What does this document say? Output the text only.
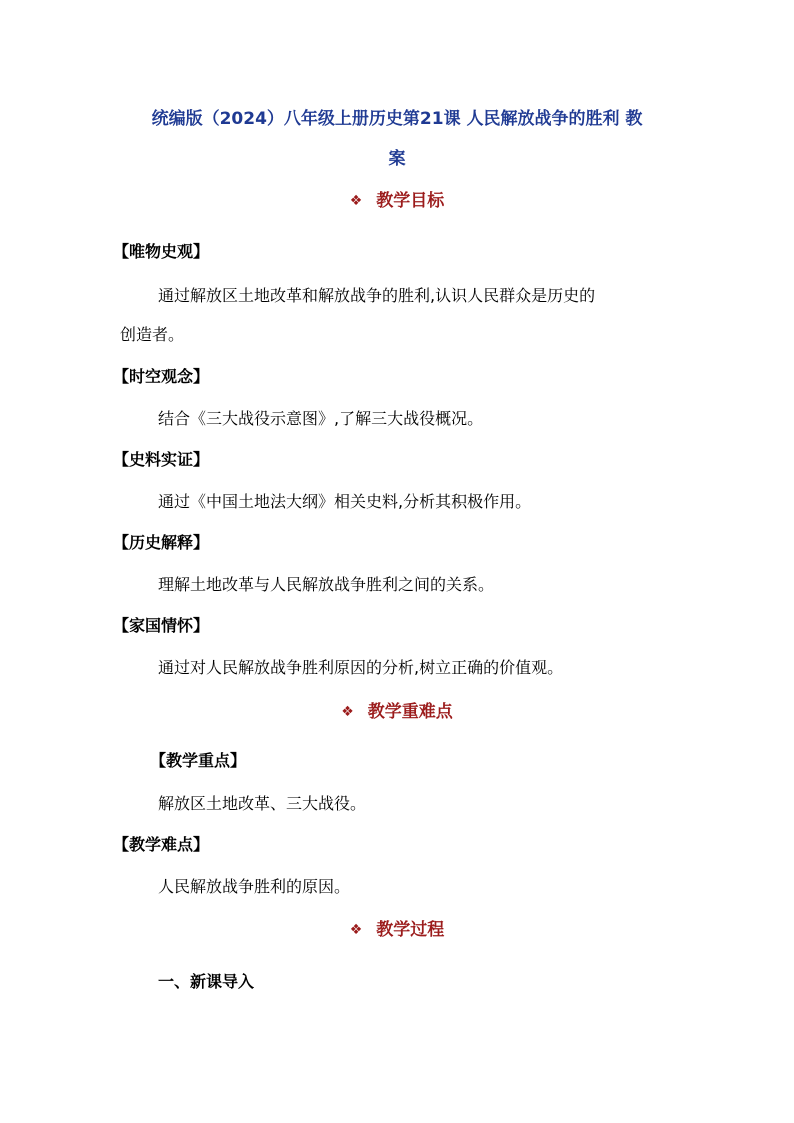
统编版（2024）八年级上册历史第21课 人民解放战争的胜利 教
案
❖ 教学目标
【唯物史观】
通过解放区土地改革和解放战争的胜利,认识人民群众是历史的
创造者。
【时空观念】
结合《三大战役示意图》,了解三大战役概况。
【史料实证】
通过《中国土地法大纲》相关史料,分析其积极作用。
【历史解释】
理解土地改革与人民解放战争胜利之间的关系。
【家国情怀】
通过对人民解放战争胜利原因的分析,树立正确的价值观。
❖ 教学重难点
【教学重点】
解放区土地改革、三大战役。
【教学难点】
人民解放战争胜利的原因。
❖ 教学过程
一、新课导入
